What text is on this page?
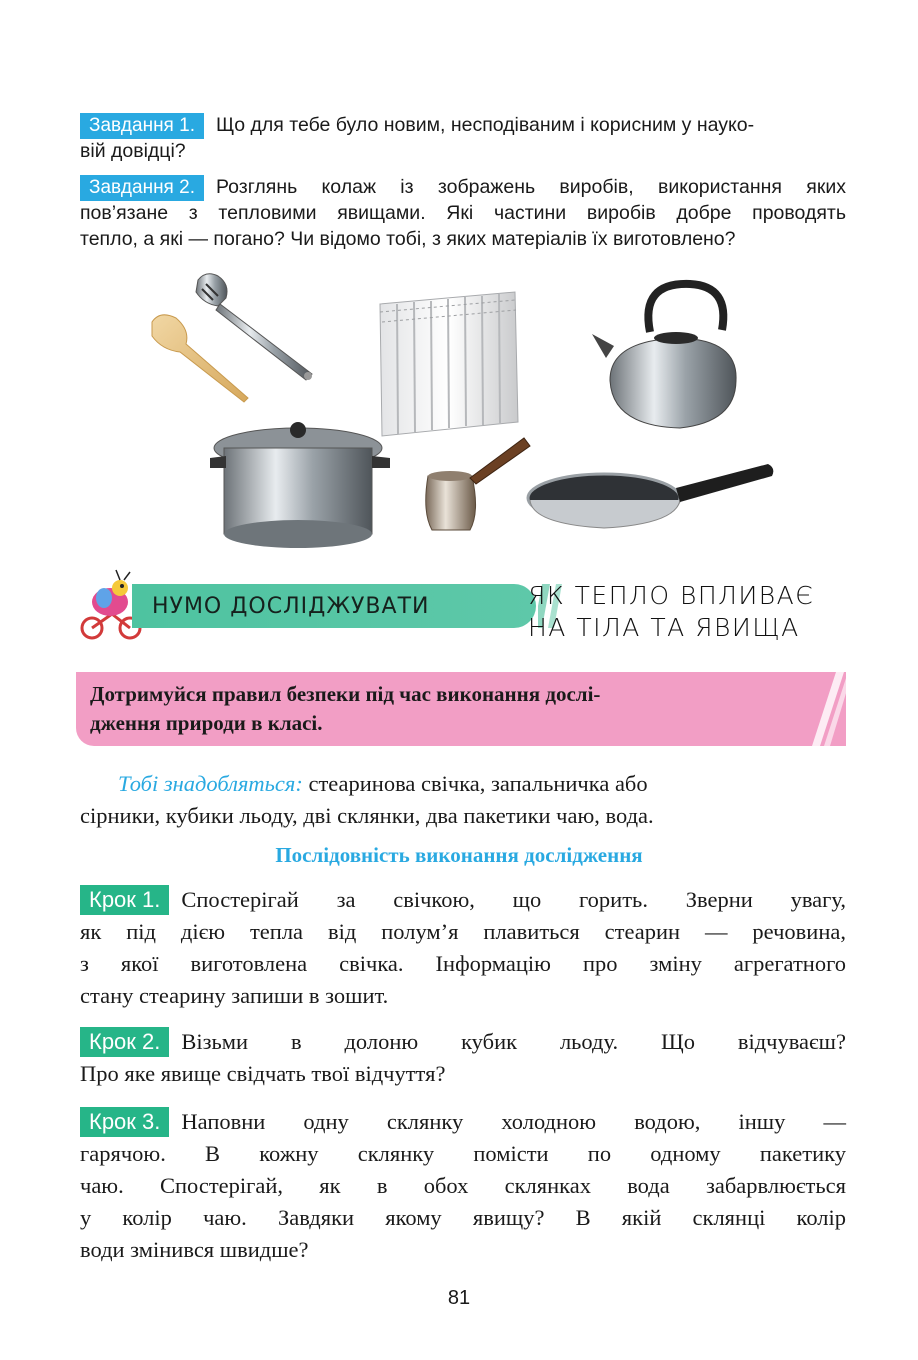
Завдання 1. Що для тебе було новим, несподіваним і корисним у науко-
вій довідці?
Завдання 2. Розглянь колаж із зображень виробів, використання яких
пов’язане з тепловими явищами. Які частини виробів добре проводять
тепло, а які — погано? Чи відомо тобі, з яких матеріалів їх виготовлено?
НУМО ДОСЛІДЖУВАТИ	ЯК ТЕПЛО ВПЛИВАЄ
НА ТІЛА ТА ЯВИЩА
Дотримуйся правил безпеки під час виконання дослі-
дження природи в класі.
Тобі знадобляться: стеаринова свічка, запальничка або
сірники, кубики льоду, дві склянки, два пакетики чаю, вода.
Послідовність виконання дослідження
Крок 1. Спостерігай за свічкою, що горить. Зверни увагу,
як під дією тепла від полум’я плавиться стеарин — речовина,
з якої виготовлена свічка. Інформацію про зміну агрегатного
стану стеарину запиши в зошит.
Крок 2. Візьми в долоню кубик льоду. Що відчуваєш?
Про яке явище свідчать твої відчуття?
Крок 3. Наповни одну склянку холодною водою, іншу —
гарячою. В кожну склянку помісти по одному пакетику
чаю. Спостерігай, як в обох склянках вода забарвлюється
у колір чаю. Завдяки якому явищу? В якій склянці колір
води змінився швидше?
81
